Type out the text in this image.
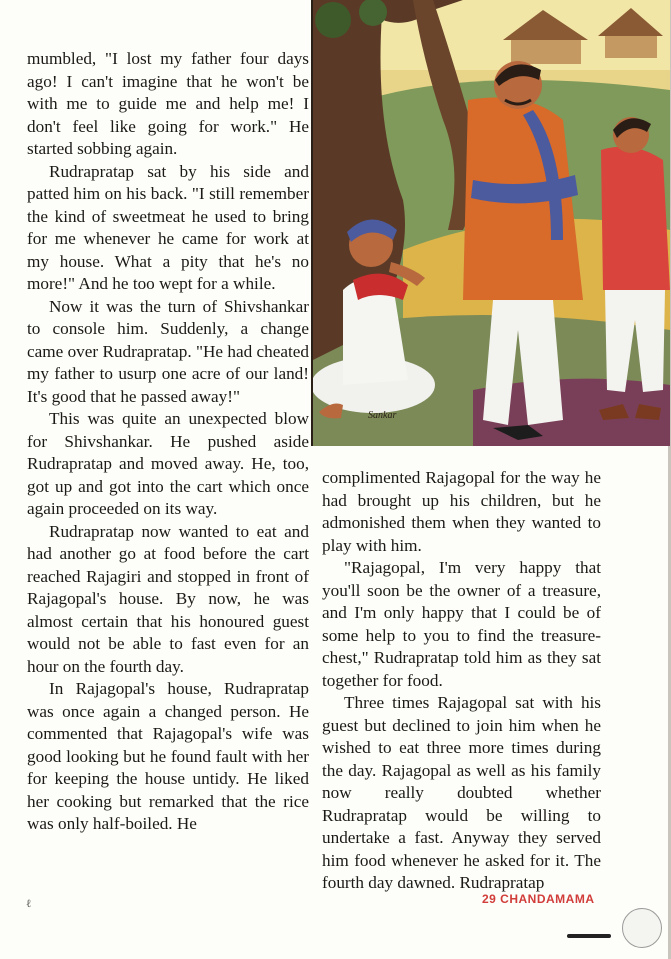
mumbled, "I lost my father four days ago! I can't imagine that he won't be with me to guide me and help me! I don't feel like going for work." He started sobbing again.

Rudrapratap sat by his side and patted him on his back. "I still remember the kind of sweetmeat he used to bring for me whenever he came for work at my house. What a pity that he's no more!" And he too wept for a while.

Now it was the turn of Shivshankar to console him. Suddenly, a change came over Rudrapratap. "He had cheated my father to usurp one acre of our land! It's good that he passed away!"

This was quite an unexpected blow for Shivshankar. He pushed aside Rudrapratap and moved away. He, too, got up and got into the cart which once again proceeded on its way.

Rudrapratap now wanted to eat and had another go at food before the cart reached Rajagiri and stopped in front of Rajagopal's house. By now, he was almost certain that his honoured guest would not be able to fast even for an hour on the fourth day.

In Rajagopal's house, Rudrapratap was once again a changed person. He commented that Rajagopal's wife was good looking but he found fault with her for keeping the house untidy. He liked her cooking but remarked that the rice was only half-boiled. He

Sankar

complimented Rajagopal for the way he had brought up his children, but he admonished them when they wanted to play with him.

"Rajagopal, I'm very happy that you'll soon be the owner of a treasure, and I'm only happy that I could be of some help to you to find the treasure-chest," Rudrapratap told him as they sat together for food.

Three times Rajagopal sat with his guest but declined to join him when he wished to eat three more times during the day. Rajagopal as well as his family now really doubted whether Rudrapratap would be willing to undertake a fast. Anyway they served him food whenever he asked for it. The fourth day dawned. Rudrapratap

ℓ	29 CHANDAMAMA
